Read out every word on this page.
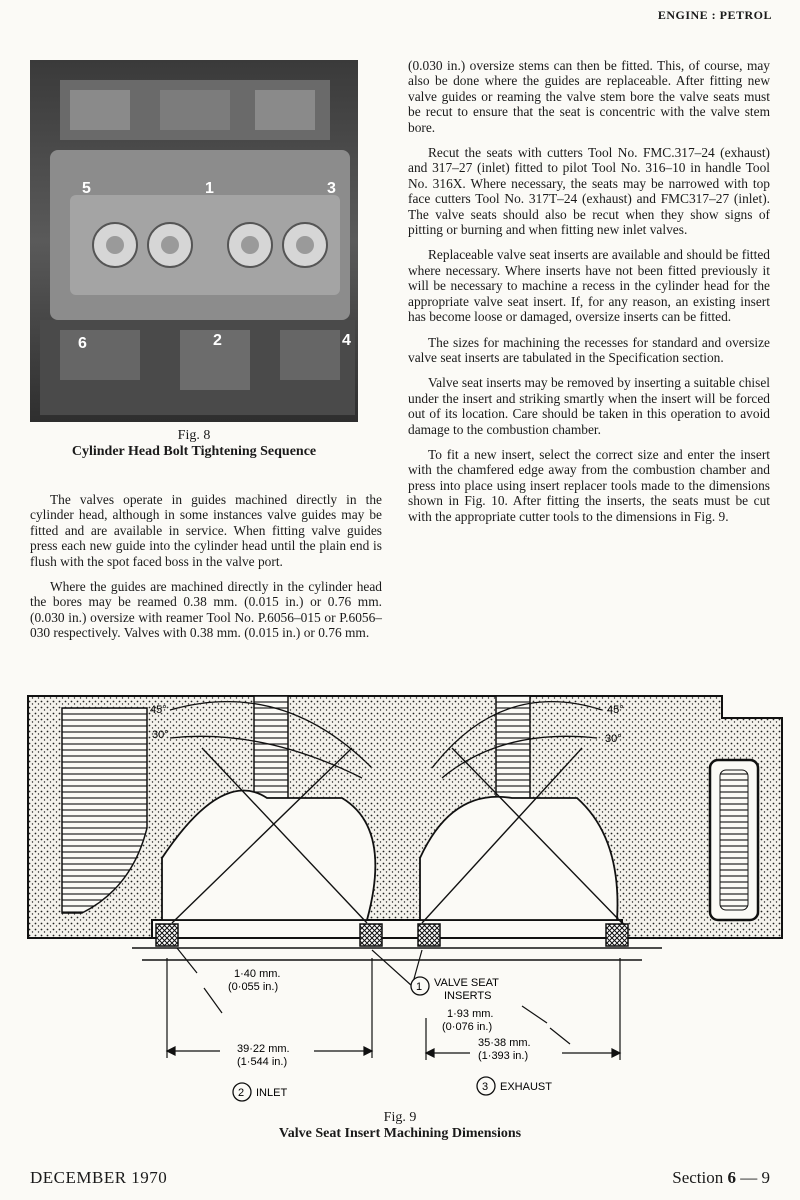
ENGINE : PETROL
5	1	3
6	2	4
Fig. 8
Cylinder Head Bolt Tightening Sequence

The valves operate in guides machined directly in the cylinder head, although in some instances valve guides may be fitted and are available in service. When fitting valve guides press each new guide into the cylinder head until the plain end is flush with the spot faced boss in the valve port.

Where the guides are machined directly in the cylinder head the bores may be reamed 0.38 mm. (0.015 in.) or 0.76 mm. (0.030 in.) oversize with reamer Tool No. P.6056–015 or P.6056–030 respectively. Valves with 0.38 mm. (0.015 in.) or 0.76 mm.

(0.030 in.) oversize stems can then be fitted. This, of course, may also be done where the guides are replaceable. After fitting new valve guides or reaming the valve stem bore the valve seats must be recut to ensure that the seat is concentric with the valve stem bore.

Recut the seats with cutters Tool No. FMC.317–24 (exhaust) and 317–27 (inlet) fitted to pilot Tool No. 316–10 in handle Tool No. 316X. Where necessary, the seats may be narrowed with top face cutters Tool No. 317T–24 (exhaust) and FMC317–27 (inlet). The valve seats should also be recut when they show signs of pitting or burning and when fitting new inlet valves.

Replaceable valve seat inserts are available and should be fitted where necessary. Where inserts have not been fitted previously it will be necessary to machine a recess in the cylinder head for the appropriate valve seat insert. If, for any reason, an existing insert has become loose or damaged, oversize inserts can be fitted.

The sizes for machining the recesses for standard and oversize valve seat inserts are tabulated in the Specification section.

Valve seat inserts may be removed by inserting a suitable chisel under the insert and striking smartly when the insert will be forced out of its location. Care should be taken in this operation to avoid damage to the combustion chamber.

To fit a new insert, select the correct size and enter the insert with the chamfered edge away from the combustion chamber and press into place using insert replacer tools made to the dimensions shown in Fig. 10. After fitting the inserts, the seats must be cut with the appropriate cutter tools to the dimensions in Fig. 9.

45°
30°
45°
30°
1·40 mm.
(0·055 in.)
39·22 mm.
(1·544 in.)
1 VALVE SEAT
INSERTS
1·93 mm.
(0·076 in.)
35·38 mm.
(1·393 in.)
2 INLET	3 EXHAUST
Fig. 9
Valve Seat Insert Machining Dimensions
DECEMBER 1970	Section 6 — 9
